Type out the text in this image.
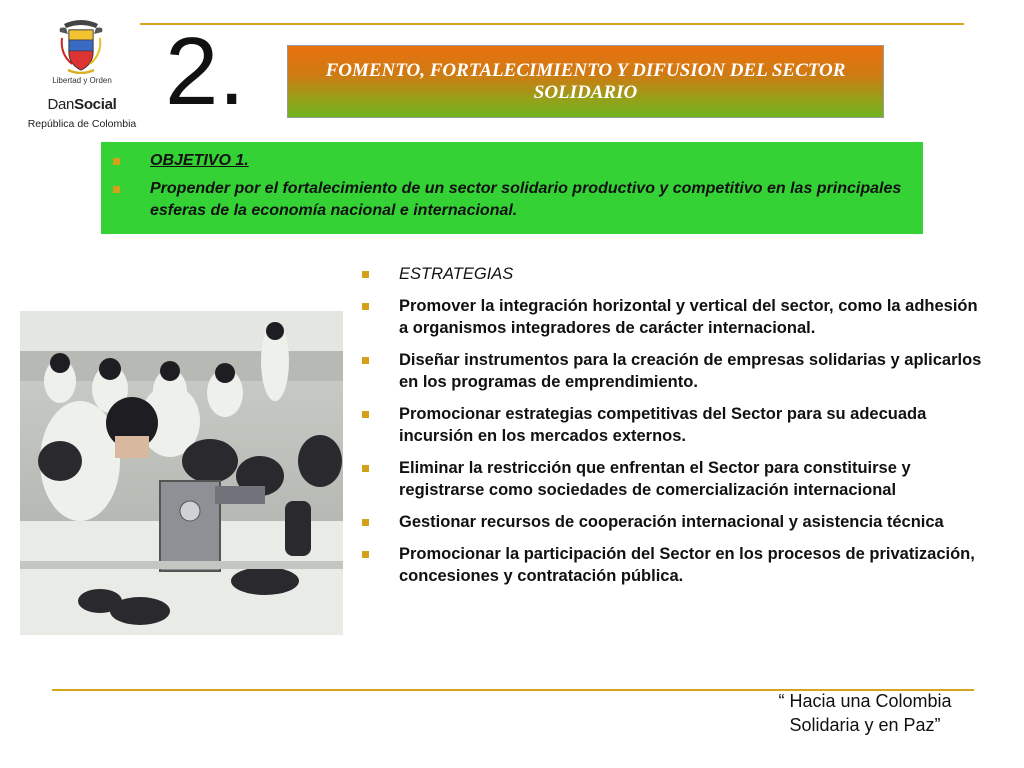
Libertad y Orden
DanSocial
República de Colombia 2.	FOMENTO, FORTALECIMIENTO Y DIFUSION DEL SECTOR SOLIDARIO
OBJETIVO 1.
Propender por el fortalecimiento de un sector solidario productivo y competitivo en las principales esferas de la economía nacional e internacional.
ESTRATEGIAS
Promover la integración horizontal y vertical del sector, como la adhesión a organismos integradores de carácter internacional.
Diseñar instrumentos para la creación de empresas solidarias y aplicarlos en los programas de emprendimiento.
Promocionar estrategias competitivas del Sector para su adecuada incursión en los mercados externos.
Eliminar la restricción que enfrentan el Sector para constituirse y registrarse como sociedades de comercialización internacional
Gestionar recursos de cooperación internacional y asistencia técnica
Promocionar la participación del Sector en los procesos de privatización, concesiones y contratación pública.
“ Hacia una Colombia
Solidaria y en Paz”
